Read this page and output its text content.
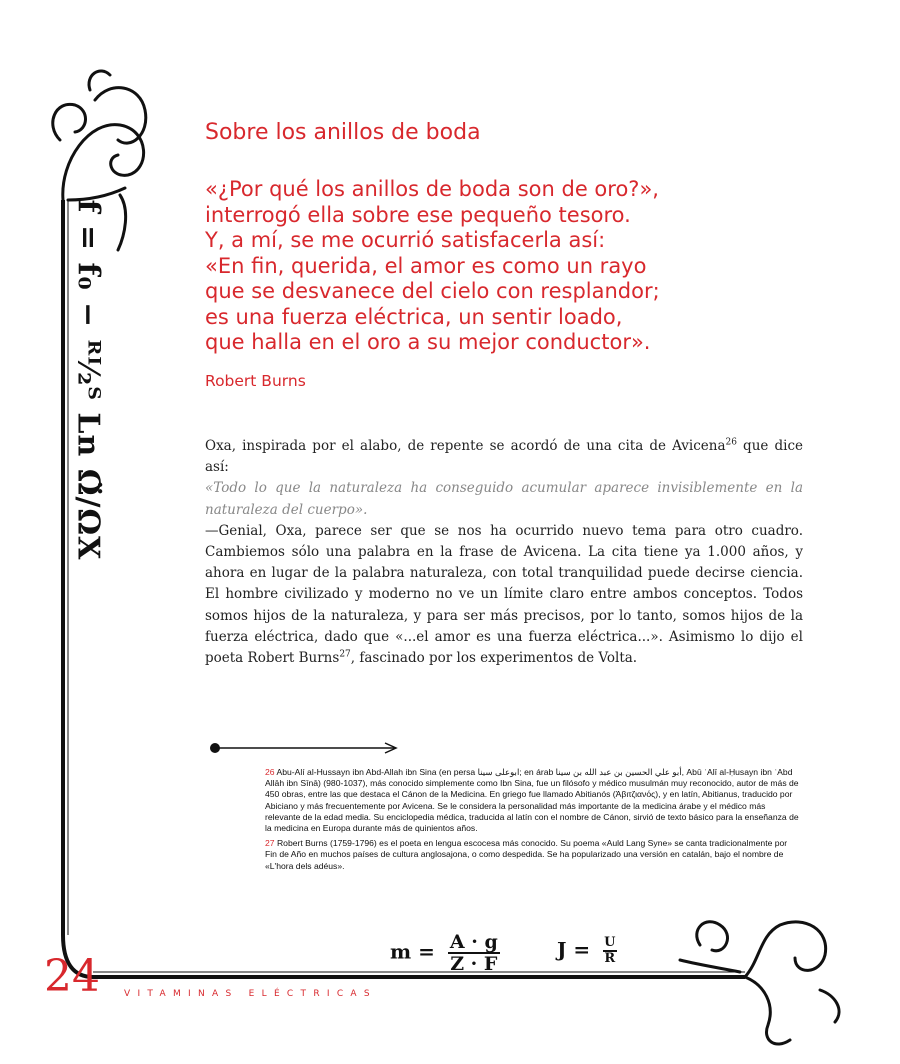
f = f₀ − ᴿᴵ⁄₂ᵀ Ln Ω̈/ΩX
Sobre los anillos de boda
«¿Por qué los anillos de boda son de oro?»,
interrogó ella sobre ese pequeño tesoro.
Y, a mí, se me ocurrió satisfacerla así:
«En fin, querida, el amor es como un rayo
que se desvanece del cielo con resplandor;
es una fuerza eléctrica, un sentir loado,
que halla en el oro a su mejor conductor».
Robert Burns

Oxa, inspirada por el alabo, de repente se acordó de una cita de Avicena$^{26}$ que dice así:

«Todo lo que la naturaleza ha conseguido acumular aparece invisiblemente en la naturaleza del cuerpo».

—Genial, Oxa, parece ser que se nos ha ocurrido nuevo tema para otro cuadro. Cambiemos sólo una palabra en la frase de Avicena. La cita tiene ya 1.000 años, y ahora en lugar de la palabra naturaleza, con total tranquilidad puede decirse ciencia. El hombre civilizado y moderno no ve un límite claro entre ambos conceptos. Todos somos hijos de la naturaleza, y para ser más precisos, por lo tanto, somos hijos de la fuerza eléctrica, dado que «...el amor es una fuerza eléctrica...». Asimismo lo dijo el poeta Robert Burns$^{27}$, fascinado por los experimentos de Volta.

26 Abu-Alí al-Hussayn ibn Abd-Allah ibn Sina (en persa ابوعلی سینا; en árab أبو علي الحسين بن عبد الله بن سينا, Abū ʿAlī al-Ḥusayn ibn ʿAbd Allāh ibn Sīnā) (980-1037), más conocido simplemente como Ibn Sina, fue un filósofo y médico musulmán muy reconocido, autor de más de 450 obras, entre las que destaca el Cánon de la Medicina. En griego fue llamado Abitianós (Ἀβιτζιανός), y en latín, Abitianus, traducido por Abiciano y más frecuentemente por Avicena. Se le considera la personalidad más importante de la medicina árabe y el médico más relevante de la edad media. Su enciclopedia médica, traducida al latín con el nombre de Cánon, sirvió de texto básico para la enseñanza de la medicina en Europa durante más de quinientos años.

27 Robert Burns (1759-1796) es el poeta en lengua escocesa más conocido. Su poema «Auld Lang Syne» se canta tradicionalmente por Fin de Año en muchos países de cultura anglosajona, o como despedida. Se ha popularizado una versión en catalán, bajo el nombre de «L'hora dels adéus».

$m = \frac{A \cdot g}{Z \cdot F}$	$J = \frac{U}{R}$
24	VITAMINAS ELÉCTRICAS
